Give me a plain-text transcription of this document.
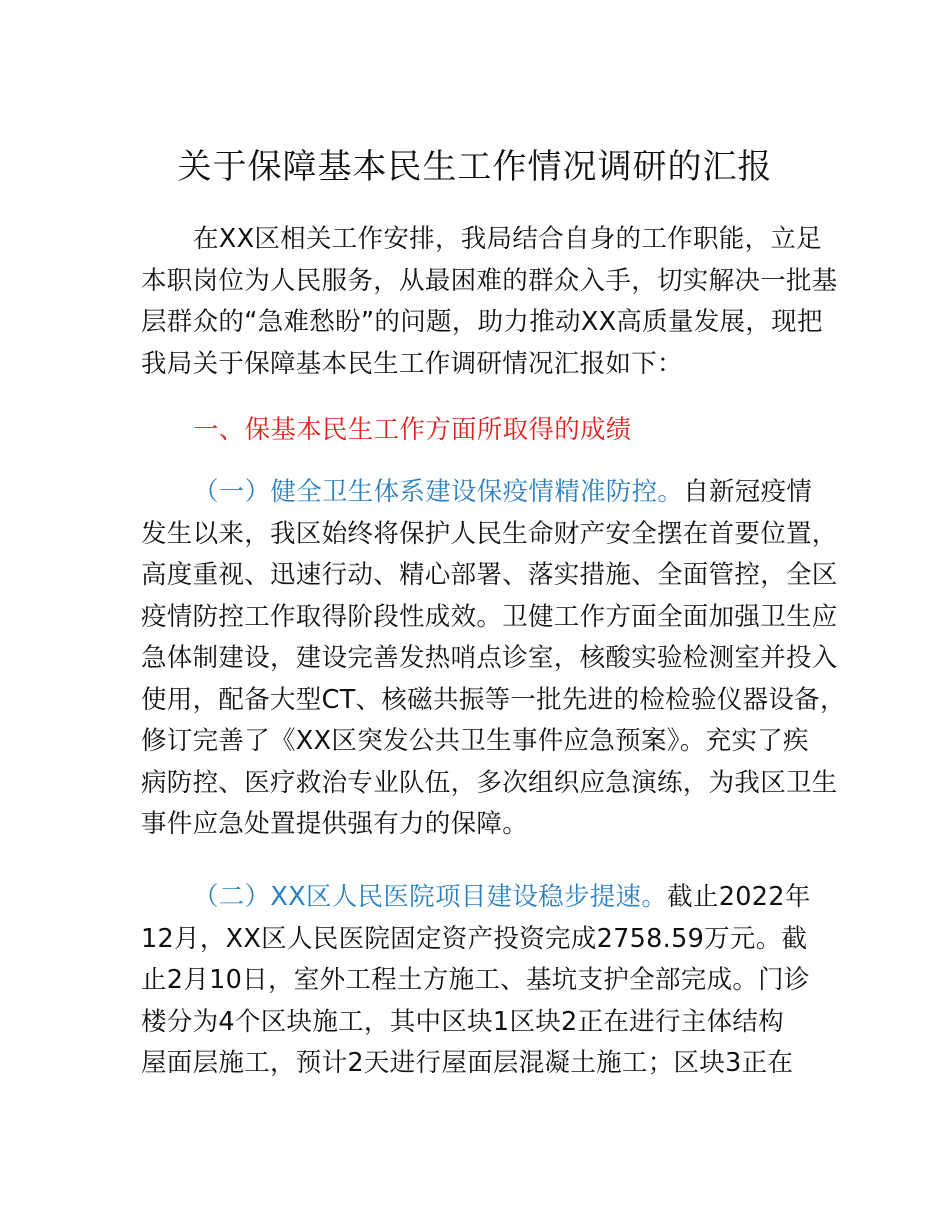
关于保障基本民生工作情况调研的汇报
在XX区相关工作安排，我局结合自身的工作职能，立足
本职岗位为人民服务，从最困难的群众入手，切实解决一批基
层群众的“急难愁盼”的问题，助力推动XX高质量发展，现把
我局关于保障基本民生工作调研情况汇报如下：
一、保基本民生工作方面所取得的成绩
（一）健全卫生体系建设保疫情精准防控。自新冠疫情
发生以来，我区始终将保护人民生命财产安全摆在首要位置，
高度重视、迅速行动、精心部署、落实措施、全面管控，全区
疫情防控工作取得阶段性成效。卫健工作方面全面加强卫生应
急体制建设，建设完善发热哨点诊室，核酸实验检测室并投入
使用，配备大型CT、核磁共振等一批先进的检检验仪器设备，
修订完善了《XX区突发公共卫生事件应急预案》。充实了疾
病防控、医疗救治专业队伍，多次组织应急演练，为我区卫生
事件应急处置提供强有力的保障。
（二）XX区人民医院项目建设稳步提速。截止2022年
12月，XX区人民医院固定资产投资完成2758.59万元。截
止2月10日，室外工程土方施工、基坑支护全部完成。门诊
楼分为4个区块施工，其中区块1区块2正在进行主体结构
屋面层施工，预计2天进行屋面层混凝土施工；区块3正在
